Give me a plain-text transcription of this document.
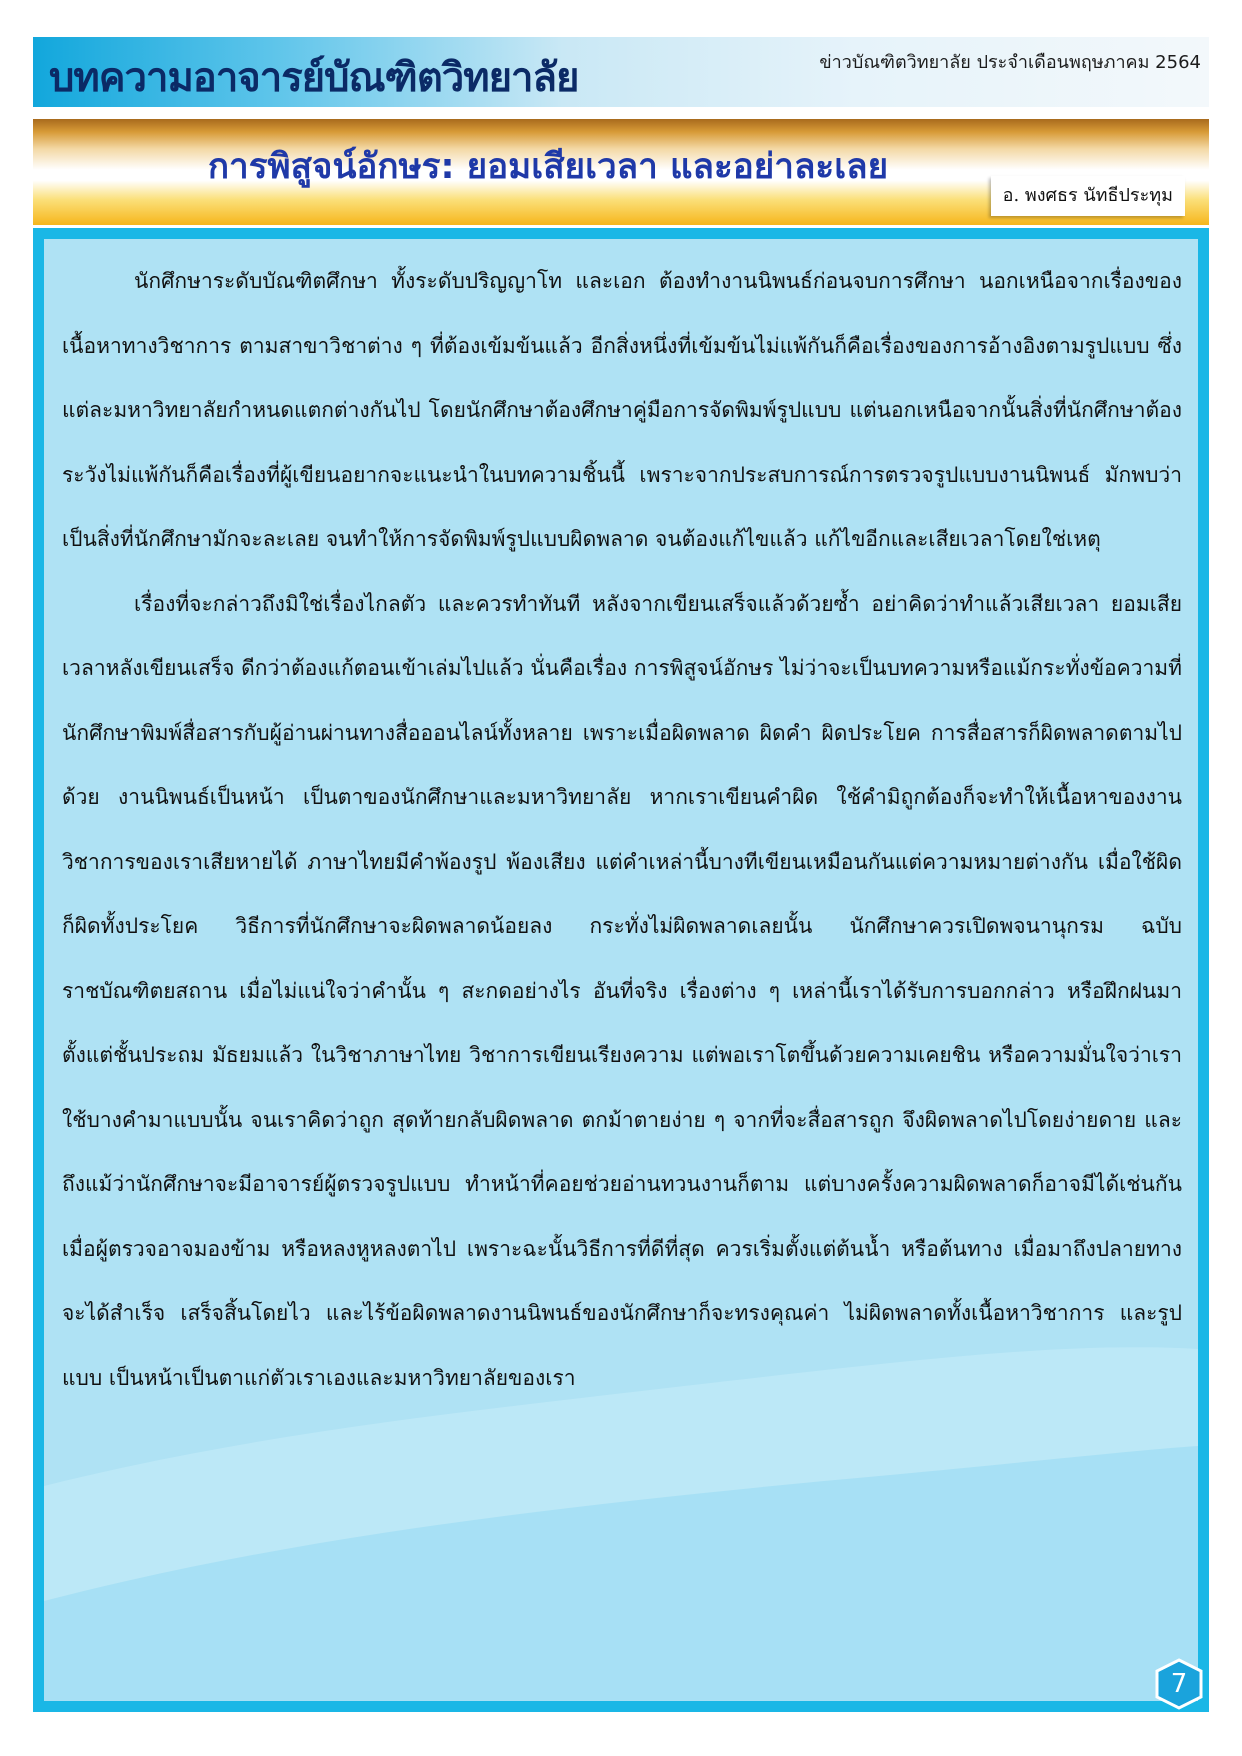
บทความอาจารย์บัณฑิตวิทยาลัย	ข่าวบัณฑิตวิทยาลัย ประจำเดือนพฤษภาคม 2564
การพิสูจน์อักษร: ยอมเสียเวลา และอย่าละเลย
อ. พงศธร นัทธีประทุม

นักศึกษาระดับบัณฑิตศึกษา ทั้งระดับปริญญาโท และเอก ต้องทำงานนิพนธ์ก่อนจบการศึกษา นอกเหนือจากเรื่องของเนื้อหาทางวิชาการ ตามสาขาวิชาต่าง ๆ ที่ต้องเข้มข้นแล้ว อีกสิ่งหนึ่งที่เข้มข้นไม่แพ้กันก็คือเรื่องของการอ้างอิงตามรูปแบบ ซึ่งแต่ละมหาวิทยาลัยกำหนดแตกต่างกันไป โดยนักศึกษาต้องศึกษาคู่มือการจัดพิมพ์รูปแบบ แต่นอกเหนือจากนั้นสิ่งที่นักศึกษาต้องระวังไม่แพ้กันก็คือเรื่องที่ผู้เขียนอยากจะแนะนำในบทความชิ้นนี้ เพราะจากประสบการณ์การตรวจรูปแบบงานนิพนธ์ มักพบว่าเป็นสิ่งที่นักศึกษามักจะละเลย จนทำให้การจัดพิมพ์รูปแบบผิดพลาด จนต้องแก้ไขแล้ว แก้ไขอีกและเสียเวลาโดยใช่เหตุ

เรื่องที่จะกล่าวถึงมิใช่เรื่องไกลตัว และควรทำทันที หลังจากเขียนเสร็จแล้วด้วยซ้ำ อย่าคิดว่าทำแล้วเสียเวลา ยอมเสียเวลาหลังเขียนเสร็จ ดีกว่าต้องแก้ตอนเข้าเล่มไปแล้ว นั่นคือเรื่อง การพิสูจน์อักษร ไม่ว่าจะเป็นบทความหรือแม้กระทั่งข้อความที่นักศึกษาพิมพ์สื่อสารกับผู้อ่านผ่านทางสื่อออนไลน์ทั้งหลาย เพราะเมื่อผิดพลาด ผิดคำ ผิดประโยค การสื่อสารก็ผิดพลาดตามไปด้วย งานนิพนธ์เป็นหน้า เป็นตาของนักศึกษาและมหาวิทยาลัย หากเราเขียนคำผิด ใช้คำมิถูกต้องก็จะทำให้เนื้อหาของงานวิชาการของเราเสียหายได้ ภาษาไทยมีคำพ้องรูป พ้องเสียง แต่คำเหล่านี้บางทีเขียนเหมือนกันแต่ความหมายต่างกัน เมื่อใช้ผิด ก็ผิดทั้งประโยค วิธีการที่นักศึกษาจะผิดพลาดน้อยลง กระทั่งไม่ผิดพลาดเลยนั้น นักศึกษาควรเปิดพจนานุกรม ฉบับราชบัณฑิตยสถาน เมื่อไม่แน่ใจว่าคำนั้น ๆ สะกดอย่างไร อันที่จริง เรื่องต่าง ๆ เหล่านี้เราได้รับการบอกกล่าว หรือฝึกฝนมาตั้งแต่ชั้นประถม มัธยมแล้ว ในวิชาภาษาไทย วิชาการเขียนเรียงความ แต่พอเราโตขึ้นด้วยความเคยชิน หรือความมั่นใจว่าเราใช้บางคำมาแบบนั้น จนเราคิดว่าถูก สุดท้ายกลับผิดพลาด ตกม้าตายง่าย ๆ จากที่จะสื่อสารถูก จึงผิดพลาดไปโดยง่ายดาย และถึงแม้ว่านักศึกษาจะมีอาจารย์ผู้ตรวจรูปแบบ ทำหน้าที่คอยช่วยอ่านทวนงานก็ตาม แต่บางครั้งความผิดพลาดก็อาจมีได้เช่นกัน เมื่อผู้ตรวจอาจมองข้าม หรือหลงหูหลงตาไป เพราะฉะนั้นวิธีการที่ดีที่สุด ควรเริ่มตั้งแต่ต้นน้ำ หรือต้นทาง เมื่อมาถึงปลายทาง จะได้สำเร็จ เสร็จสิ้นโดยไว และไร้ข้อผิดพลาดงานนิพนธ์ของนักศึกษาก็จะทรงคุณค่า ไม่ผิดพลาดทั้งเนื้อหาวิชาการ และรูปแบบ เป็นหน้าเป็นตาแก่ตัวเราเองและมหาวิทยาลัยของเรา

7
